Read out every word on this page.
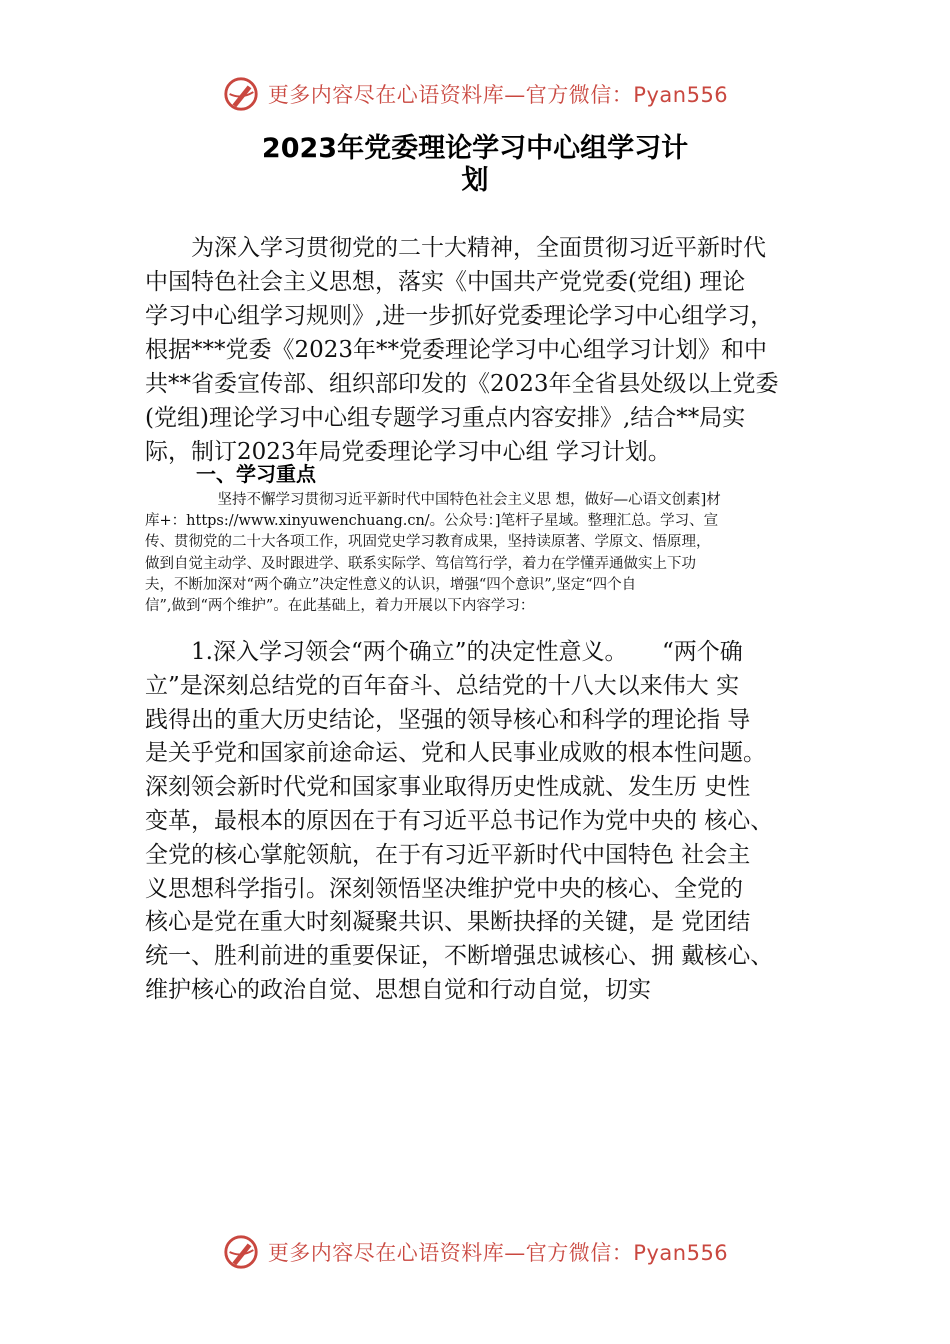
更多内容尽在心语资料库—官方微信：Pyan556
2023年党委理论学习中心组学习计
划
　　为深入学习贯彻党的二十大精神，全面贯彻习近平新时代
中国特色社会主义思想，落实《中国共产党党委(党组) 理论
学习中心组学习规则》,进一步抓好党委理论学习中心组学习，
根据***党委《2023年**党委理论学习中心组学习计划》和中
共**省委宣传部、组织部印发的《2023年全省县处级以上党委
(党组)理论学习中心组专题学习重点内容安排》,结合**局实
际，制订2023年局党委理论学习中心组 学习计划。
一、学习重点
　　　　　坚持不懈学习贯彻习近平新时代中国特色社会主义思 想，做好—心语文创素]材
库+：https://www.xinyuwenchuang.cn/。公众号：]笔杆子星域。整理汇总。学习、宣
传、贯彻党的二十大各项工作，巩固党史学习教育成果，坚持读原著、学原文、悟原理，
做到自觉主动学、及时跟进学、联系实际学、笃信笃行学，着力在学懂弄通做实上下功
夫，不断加深对“两个确立”决定性意义的认识，增强“四个意识”,坚定“四个自
信”,做到“两个维护”。在此基础上，着力开展以下内容学习：
　　1.深入学习领会“两个确立”的决定性意义。　　“两个确
立”是深刻总结党的百年奋斗、总结党的十八大以来伟大 实
践得出的重大历史结论，坚强的领导核心和科学的理论指 导
是关乎党和国家前途命运、党和人民事业成败的根本性问题。
深刻领会新时代党和国家事业取得历史性成就、发生历 史性
变革，最根本的原因在于有习近平总书记作为党中央的 核心、
全党的核心掌舵领航，在于有习近平新时代中国特色 社会主
义思想科学指引。深刻领悟坚决维护党中央的核心、全党的
核心是党在重大时刻凝聚共识、果断抉择的关键，是 党团结
统一、胜利前进的重要保证，不断增强忠诚核心、拥 戴核心、
维护核心的政治自觉、思想自觉和行动自觉，切实
更多内容尽在心语资料库—官方微信：Pyan556
